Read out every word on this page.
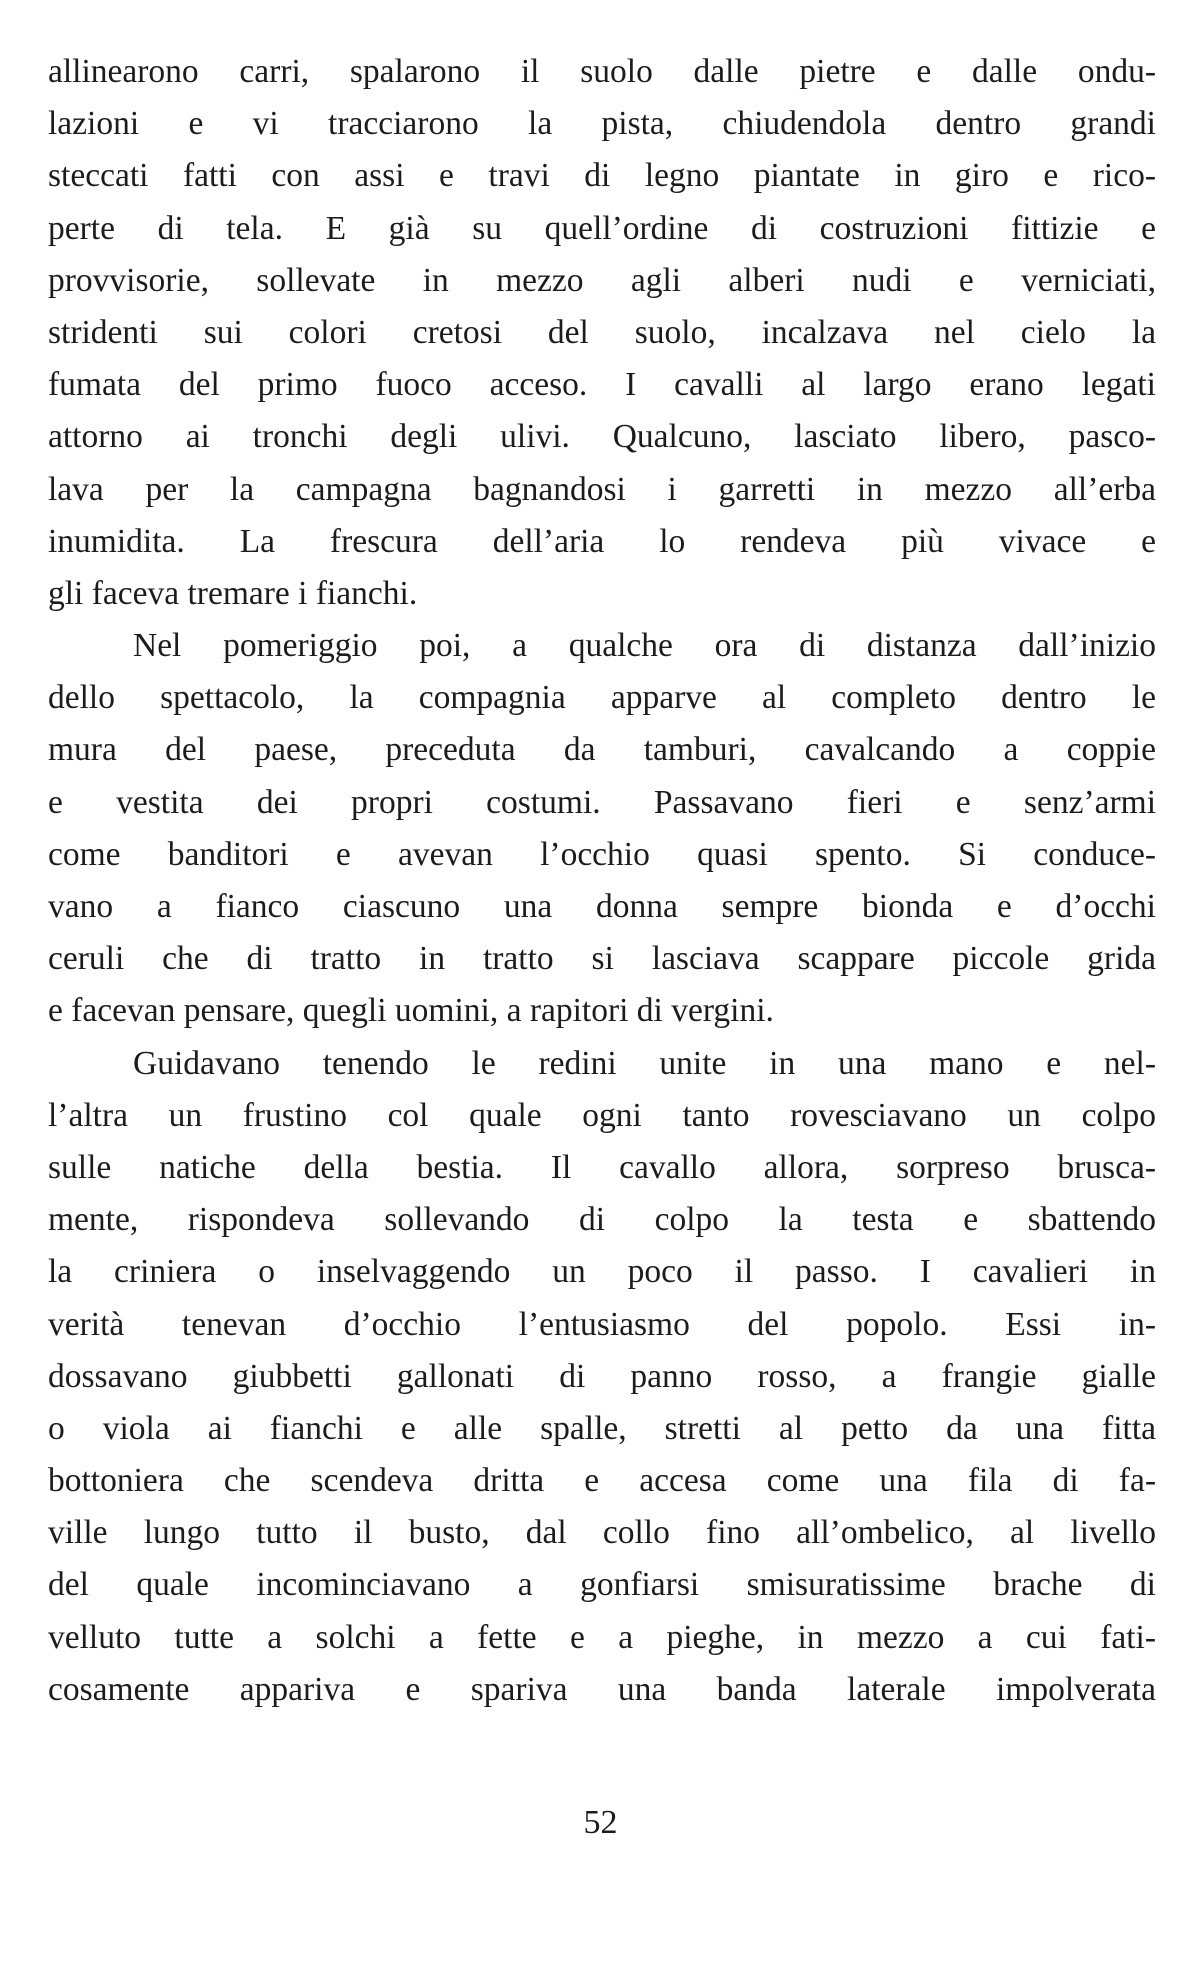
allinearono carri, spalarono il suolo dalle pietre e dalle ondu-
lazioni e vi tracciarono la pista, chiudendola dentro grandi
steccati fatti con assi e travi di legno piantate in giro e rico-
perte di tela. E già su quell’ordine di costruzioni fittizie e
provvisorie, sollevate in mezzo agli alberi nudi e verniciati,
stridenti sui colori cretosi del suolo, incalzava nel cielo la
fumata del primo fuoco acceso. I cavalli al largo erano legati
attorno ai tronchi degli ulivi. Qualcuno, lasciato libero, pasco-
lava per la campagna bagnandosi i garretti in mezzo all’erba
inumidita. La frescura dell’aria lo rendeva più vivace e
gli faceva tremare i fianchi.
Nel pomeriggio poi, a qualche ora di distanza dall’inizio
dello spettacolo, la compagnia apparve al completo dentro le
mura del paese, preceduta da tamburi, cavalcando a coppie
e vestita dei propri costumi. Passavano fieri e senz’armi
come banditori e avevan l’occhio quasi spento. Si conduce-
vano a fianco ciascuno una donna sempre bionda e d’occhi
ceruli che di tratto in tratto si lasciava scappare piccole grida
e facevan pensare, quegli uomini, a rapitori di vergini.
Guidavano tenendo le redini unite in una mano e nel-
l’altra un frustino col quale ogni tanto rovesciavano un colpo
sulle natiche della bestia. Il cavallo allora, sorpreso brusca-
mente, rispondeva sollevando di colpo la testa e sbattendo
la criniera o inselvaggendo un poco il passo. I cavalieri in
verità tenevan d’occhio l’entusiasmo del popolo. Essi in-
dossavano giubbetti gallonati di panno rosso, a frangie gialle
o viola ai fianchi e alle spalle, stretti al petto da una fitta
bottoniera che scendeva dritta e accesa come una fila di fa-
ville lungo tutto il busto, dal collo fino all’ombelico, al livello
del quale incominciavano a gonfiarsi smisuratissime brache di
velluto tutte a solchi a fette e a pieghe, in mezzo a cui fati-
cosamente appariva e spariva una banda laterale impolverata
52
